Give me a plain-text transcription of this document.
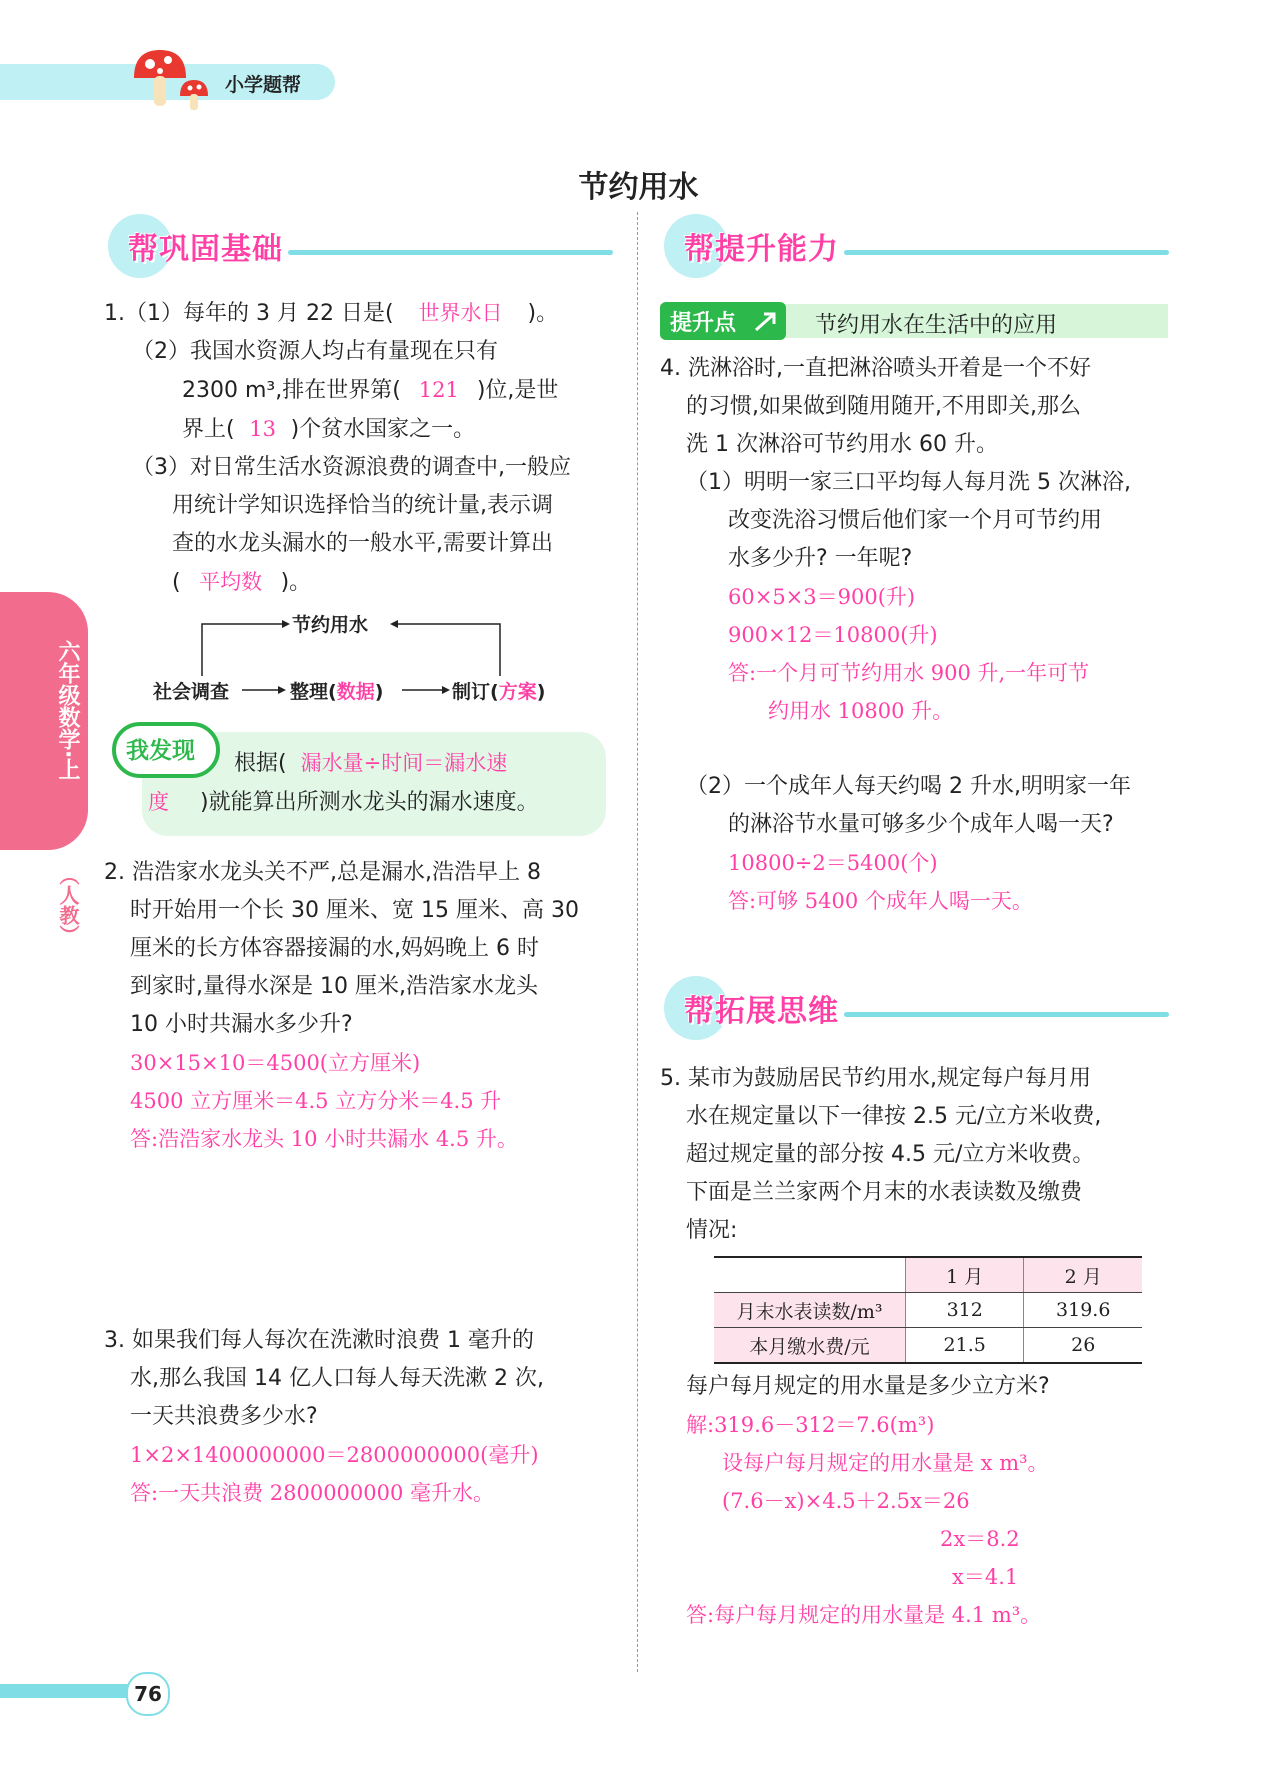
小学题帮
节约用水
六年级数学·上
（人教）
帮巩固基础
1.（1）每年的 3 月 22 日是( 世界水日 )。
（2）我国水资源人均占有量现在只有
2300 m³,排在世界第( 121 )位,是世
界上( 13 )个贫水国家之一。
（3）对日常生活水资源浪费的调查中,一般应
用统计学知识选择恰当的统计量,表示调
查的水龙头漏水的一般水平,需要计算出
( 平均数 )。
节约用水
社会调查	整理(数据)	制订(方案)
我发现	根据( 漏水量÷时间＝漏水速
度 )就能算出所测水龙头的漏水速度。
2. 浩浩家水龙头关不严,总是漏水,浩浩早上 8
时开始用一个长 30 厘米、宽 15 厘米、高 30
厘米的长方体容器接漏的水,妈妈晚上 6 时
到家时,量得水深是 10 厘米,浩浩家水龙头
10 小时共漏水多少升?
30×15×10＝4500(立方厘米)
4500 立方厘米＝4.5 立方分米＝4.5 升
答:浩浩家水龙头 10 小时共漏水 4.5 升。
3. 如果我们每人每次在洗漱时浪费 1 毫升的
水,那么我国 14 亿人口每人每天洗漱 2 次,
一天共浪费多少水?
1×2×1400000000＝2800000000(毫升)
答:一天共浪费 2800000000 毫升水。
76
帮提升能力
提升点	节约用水在生活中的应用
4. 洗淋浴时,一直把淋浴喷头开着是一个不好
的习惯,如果做到随用随开,不用即关,那么
洗 1 次淋浴可节约用水 60 升。
（1）明明一家三口平均每人每月洗 5 次淋浴,
改变洗浴习惯后他们家一个月可节约用
水多少升? 一年呢?
60×5×3＝900(升)
900×12＝10800(升)
答:一个月可节约用水 900 升,一年可节
约用水 10800 升。
（2）一个成年人每天约喝 2 升水,明明家一年
的淋浴节水量可够多少个成年人喝一天?
10800÷2＝5400(个)
答:可够 5400 个成年人喝一天。
帮拓展思维
5. 某市为鼓励居民节约用水,规定每户每月用
水在规定量以下一律按 2.5 元/立方米收费,
超过规定量的部分按 4.5 元/立方米收费。
下面是兰兰家两个月末的水表读数及缴费
情况:
	1 月	2 月
月末水表读数/m³	312	319.6
本月缴水费/元	21.5	26
每户每月规定的用水量是多少立方米?
解:319.6－312＝7.6(m³)
设每户每月规定的用水量是 x m³。
(7.6－x)×4.5＋2.5x＝26
2x＝8.2
x＝4.1
答:每户每月规定的用水量是 4.1 m³。
